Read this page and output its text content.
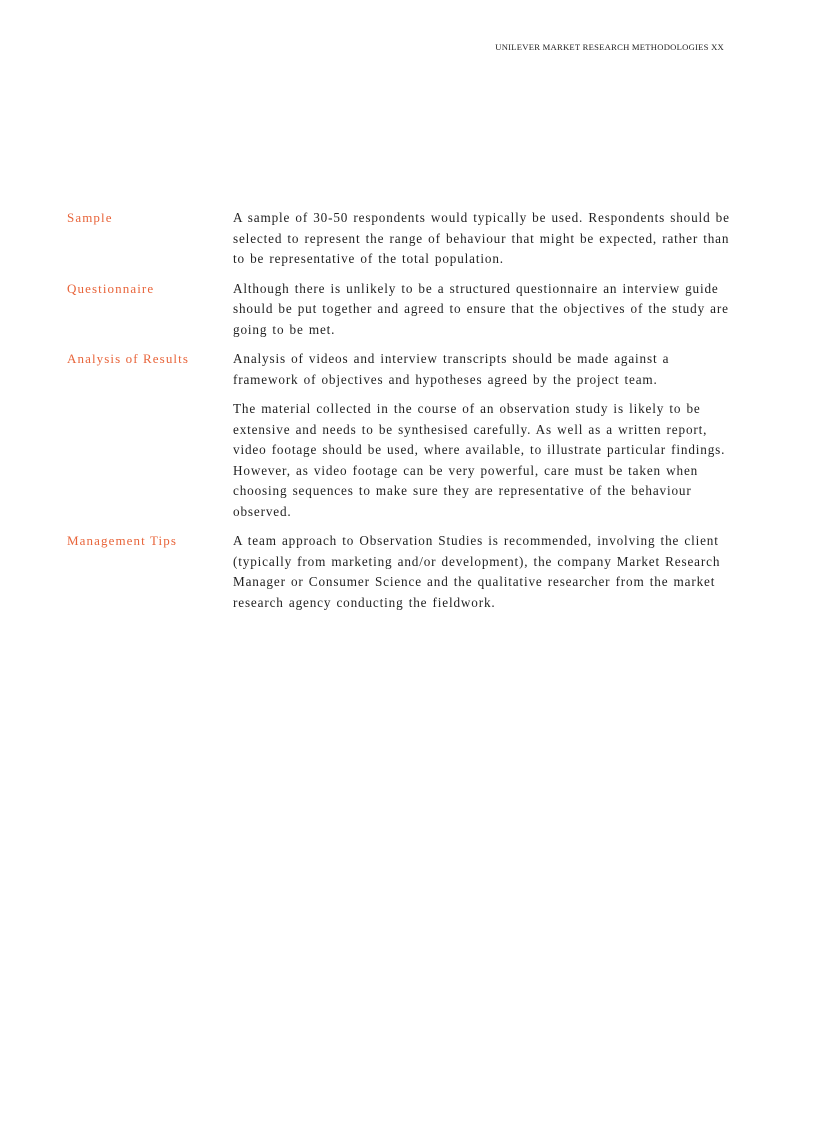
UNILEVER MARKET RESEARCH METHODOLOGIES XX
Sample	A sample of 30-50 respondents would typically be used. Respondents should be selected to represent the range of behaviour that might be expected, rather than to be representative of the total population.

Questionnaire	Although there is unlikely to be a structured questionnaire an interview guide should be put together and agreed to ensure that the objectives of the study are going to be met.

Analysis of Results	Analysis of videos and interview transcripts should be made against a framework of objectives and hypotheses agreed by the project team.

The material collected in the course of an observation study is likely to be extensive and needs to be synthesised carefully. As well as a written report, video footage should be used, where available, to illustrate particular findings. However, as video footage can be very powerful, care must be taken when choosing sequences to make sure they are representative of the behaviour observed.

Management Tips	A team approach to Observation Studies is recommended, involving the client (typically from marketing and/or development), the company Market Research Manager or Consumer Science and the qualitative researcher from the market research agency conducting the fieldwork.
